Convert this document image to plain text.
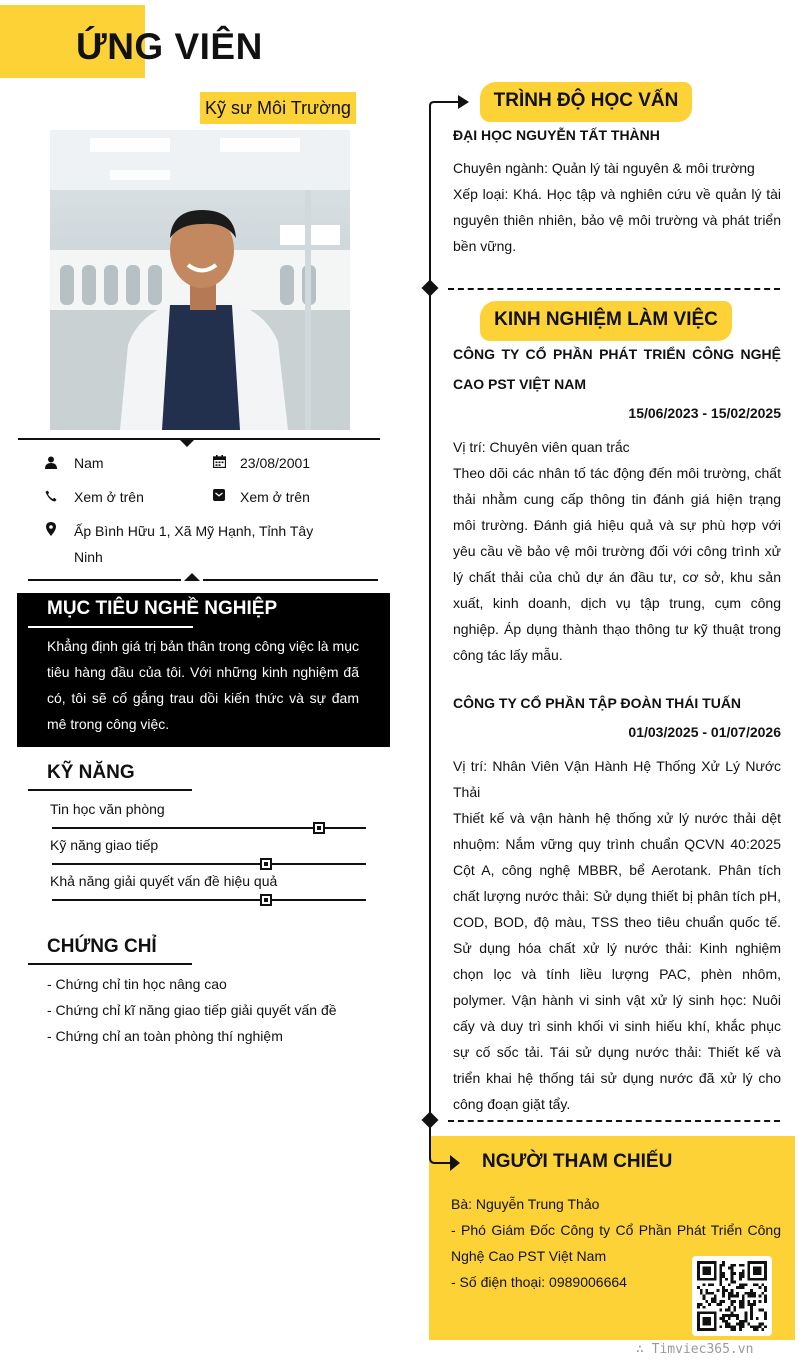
ỨNG VIÊN
Kỹ sư Môi Trường
Nam	23/08/2001
Xem ở trên	Xem ở trên
Ấp Bình Hữu 1, Xã Mỹ Hạnh, Tỉnh Tây
Ninh
MỤC TIÊU NGHỀ NGHIỆP
Khẳng định giá trị bản thân trong công việc là mục tiêu hàng đầu của tôi. Với những kinh nghiệm đã có, tôi sẽ cố gắng trau dồi kiến thức và sự đam mê trong công việc.
KỸ NĂNG
Tin học văn phòng
Kỹ năng giao tiếp
Khả năng giải quyết vấn đề hiệu quả
CHỨNG CHỈ
- Chứng chỉ tin học nâng cao
- Chứng chỉ kĩ năng giao tiếp giải quyết vấn đề
- Chứng chỉ an toàn phòng thí nghiệm
TRÌNH ĐỘ HỌC VẤN
ĐẠI HỌC NGUYỄN TẤT THÀNH
Chuyên ngành: Quản lý tài nguyên & môi trường
Xếp loại: Khá. Học tập và nghiên cứu về quản lý tài nguyên thiên nhiên, bảo vệ môi trường và phát triển bền vững.
KINH NGHIỆM LÀM VIỆC
CÔNG TY CỔ PHẦN PHÁT TRIỂN CÔNG NGHỆ CAO PST VIỆT NAM
15/06/2023 - 15/02/2025
Vị trí: Chuyên viên quan trắc
Theo dõi các nhân tố tác động đến môi trường, chất thải nhằm cung cấp thông tin đánh giá hiện trạng môi trường. Đánh giá hiệu quả và sự phù hợp với yêu cầu về bảo vệ môi trường đối với công trình xử lý chất thải của chủ dự án đầu tư, cơ sở, khu sản xuất, kinh doanh, dịch vụ tập trung, cụm công nghiệp. Áp dụng thành thạo thông tư kỹ thuật trong công tác lấy mẫu.
CÔNG TY CỔ PHẦN TẬP ĐOÀN THÁI TUẤN
01/03/2025 - 01/07/2026
Vị trí: Nhân Viên Vận Hành Hệ Thống Xử Lý Nước Thải
Thiết kế và vận hành hệ thống xử lý nước thải dệt nhuộm: Nắm vững quy trình chuẩn QCVN 40:2025 Cột A, công nghệ MBBR, bể Aerotank. Phân tích chất lượng nước thải: Sử dụng thiết bị phân tích pH, COD, BOD, độ màu, TSS theo tiêu chuẩn quốc tế. Sử dụng hóa chất xử lý nước thải: Kinh nghiệm chọn lọc và tính liều lượng PAC, phèn nhôm, polymer. Vận hành vi sinh vật xử lý sinh học: Nuôi cấy và duy trì sinh khối vi sinh hiếu khí, khắc phục sự cố sốc tải. Tái sử dụng nước thải: Thiết kế và triển khai hệ thống tái sử dụng nước đã xử lý cho công đoạn giặt tẩy.
NGƯỜI THAM CHIẾU
Bà: Nguyễn Trung Thảo
- Phó Giám Đốc Công ty Cổ Phần Phát Triển Công Nghệ Cao PST Việt Nam
- Số điện thoại: 0989006664
∴ Timviec365.vn
